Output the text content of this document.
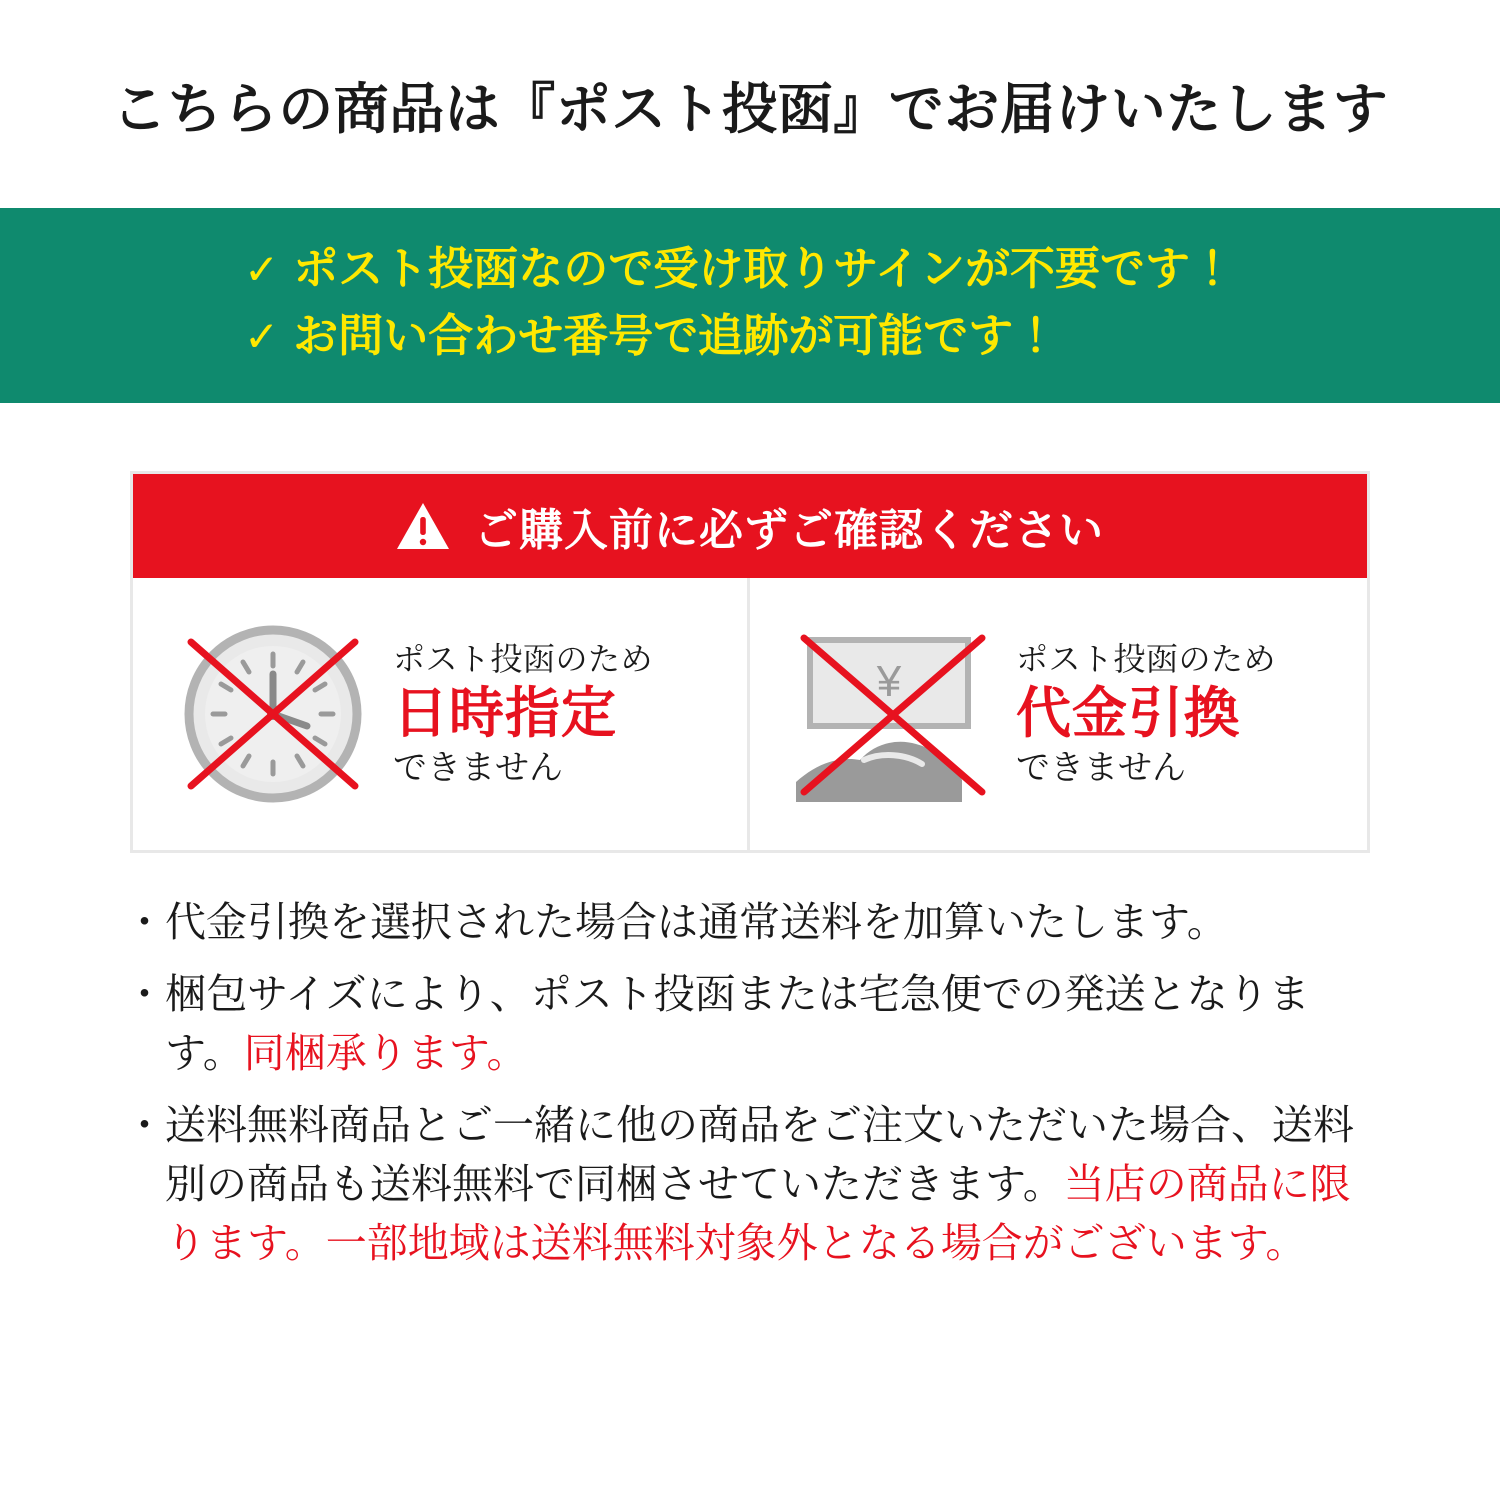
こちらの商品は『ポスト投函』でお届けいたします
✓ ポスト投函なので受け取りサインが不要です！
✓ お問い合わせ番号で追跡が可能です！
ご購入前に必ずご確認ください
ポスト投函のため
日時指定
できません
¥	ポスト投函のため
代金引換
できません
・ 代金引換を選択された場合は通常送料を加算いたします。
・ 梱包サイズにより、ポスト投函または宅急便での発送となります。同梱承ります。
・ 送料無料商品とご一緒に他の商品をご注文いただいた場合、送料別の商品も送料無料で同梱させていただきます。当店の商品に限ります。一部地域は送料無料対象外となる場合がございます。
